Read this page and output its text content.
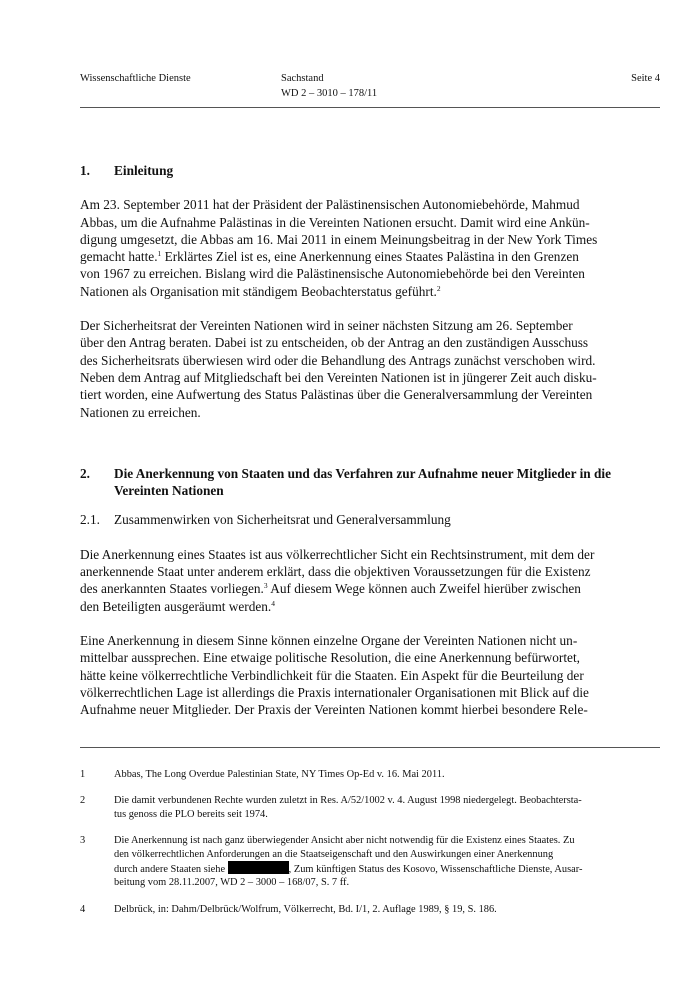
Wissenschaftliche Dienste	Sachstand
WD 2 – 3010 – 178/11
Seite 4
1.	Einleitung

Am 23. September 2011 hat der Präsident der Palästinensischen Autonomiebehörde, Mahmud
Abbas, um die Aufnahme Palästinas in die Vereinten Nationen ersucht. Damit wird eine Ankün-
digung umgesetzt, die Abbas am 16. Mai 2011 in einem Meinungsbeitrag in der New York Times
gemacht hatte.$^1$ Erklärtes Ziel ist es, eine Anerkennung eines Staates Palästina in den Grenzen
von 1967 zu erreichen. Bislang wird die Palästinensische Autonomiebehörde bei den Vereinten
Nationen als Organisation mit ständigem Beobachterstatus geführt.$^2$

Der Sicherheitsrat der Vereinten Nationen wird in seiner nächsten Sitzung am 26. September
über den Antrag beraten. Dabei ist zu entscheiden, ob der Antrag an den zuständigen Ausschuss
des Sicherheitsrats überwiesen wird oder die Behandlung des Antrags zunächst verschoben wird.
Neben dem Antrag auf Mitgliedschaft bei den Vereinten Nationen ist in jüngerer Zeit auch disku-
tiert worden, eine Aufwertung des Status Palästinas über die Generalversammlung der Vereinten
Nationen zu erreichen.

2.	Die Anerkennung von Staaten und das Verfahren zur Aufnahme neuer Mitglieder in die
Vereinten Nationen
2.1.	Zusammenwirken von Sicherheitsrat und Generalversammlung

Die Anerkennung eines Staates ist aus völkerrechtlicher Sicht ein Rechtsinstrument, mit dem der
anerkennende Staat unter anderem erklärt, dass die objektiven Voraussetzungen für die Existenz
des anerkannten Staates vorliegen.$^3$ Auf diesem Wege können auch Zweifel hierüber zwischen
den Beteiligten ausgeräumt werden.$^4$

Eine Anerkennung in diesem Sinne können einzelne Organe der Vereinten Nationen nicht un-
mittelbar aussprechen. Eine etwaige politische Resolution, die eine Anerkennung befürwortet,
hätte keine völkerrechtliche Verbindlichkeit für die Staaten. Ein Aspekt für die Beurteilung der
völkerrechtlichen Lage ist allerdings die Praxis internationaler Organisationen mit Blick auf die
Aufnahme neuer Mitglieder. Der Praxis der Vereinten Nationen kommt hierbei besondere Rele-

1	Abbas, The Long Overdue Palestinian State, NY Times Op-Ed v. 16. Mai 2011.
2	Die damit verbundenen Rechte wurden zuletzt in Res. A/52/1002 v. 4. August 1998 niedergelegt. Beobachtersta-
tus genoss die PLO bereits seit 1974.
3	Die Anerkennung ist nach ganz überwiegender Ansicht aber nicht notwendig für die Existenz eines Staates. Zu
den völkerrechtlichen Anforderungen an die Staatseigenschaft und den Auswirkungen einer Anerkennung
durch andere Staaten siehe	, Zum künftigen Status des Kosovo, Wissenschaftliche Dienste, Ausar-
beitung vom 28.11.2007, WD 2 – 3000 – 168/07, S. 7 ff.
4	Delbrück, in: Dahm/Delbrück/Wolfrum, Völkerrecht, Bd. I/1, 2. Auflage 1989, § 19, S. 186.
